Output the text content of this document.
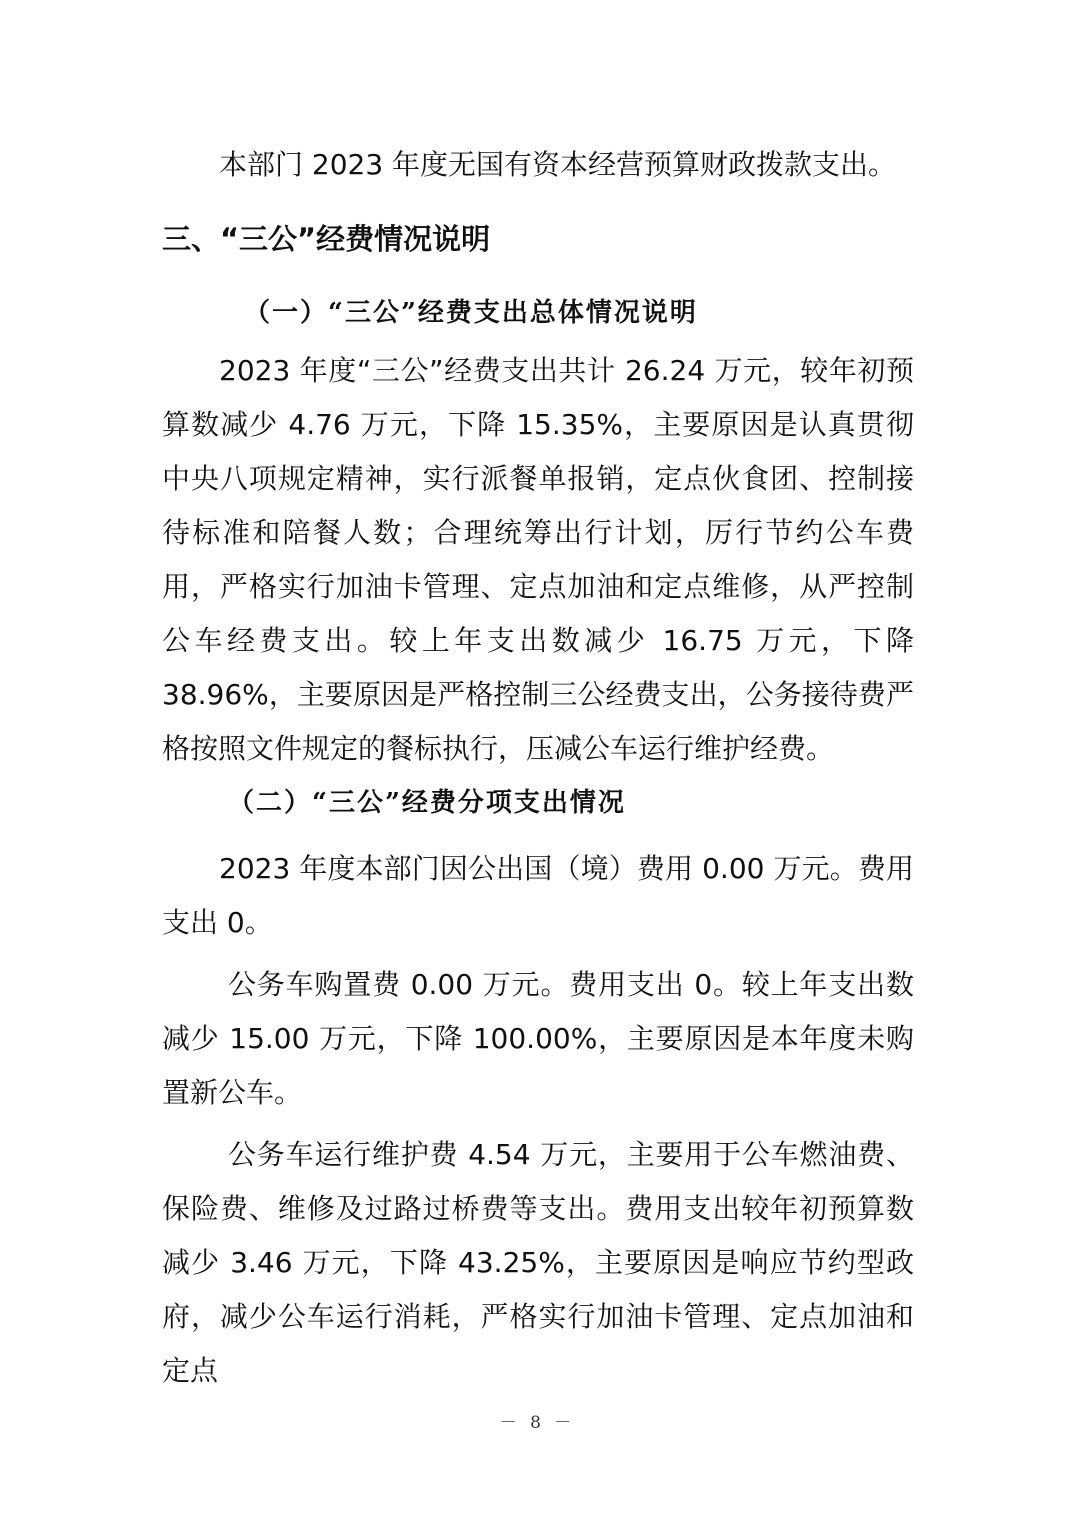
本部门 2023 年度无国有资本经营预算财政拨款支出。

三、“三公”经费情况说明
（一）“三公”经费支出总体情况说明

2023 年度“三公”经费支出共计 26.24 万元，较年初预算数减少 4.76 万元，下降 15.35%，主要原因是认真贯彻中央八项规定精神，实行派餐单报销，定点伙食团、控制接待标准和陪餐人数；合理统筹出行计划，厉行节约公车费用，严格实行加油卡管理、定点加油和定点维修，从严控制公车经费支出。较上年支出数减少 16.75 万元，下降 38.96%，主要原因是严格控制三公经费支出，公务接待费严格按照文件规定的餐标执行，压减公车运行维护经费。

（二）“三公”经费分项支出情况

2023 年度本部门因公出国（境）费用 0.00 万元。费用支出 0。

公务车购置费 0.00 万元。费用支出 0。较上年支出数减少 15.00 万元，下降 100.00%，主要原因是本年度未购置新公车。

公务车运行维护费 4.54 万元，主要用于公车燃油费、保险费、维修及过路过桥费等支出。费用支出较年初预算数减少 3.46 万元，下降 43.25%，主要原因是响应节约型政府，减少公车运行消耗，严格实行加油卡管理、定点加油和定点

－ 8 －
